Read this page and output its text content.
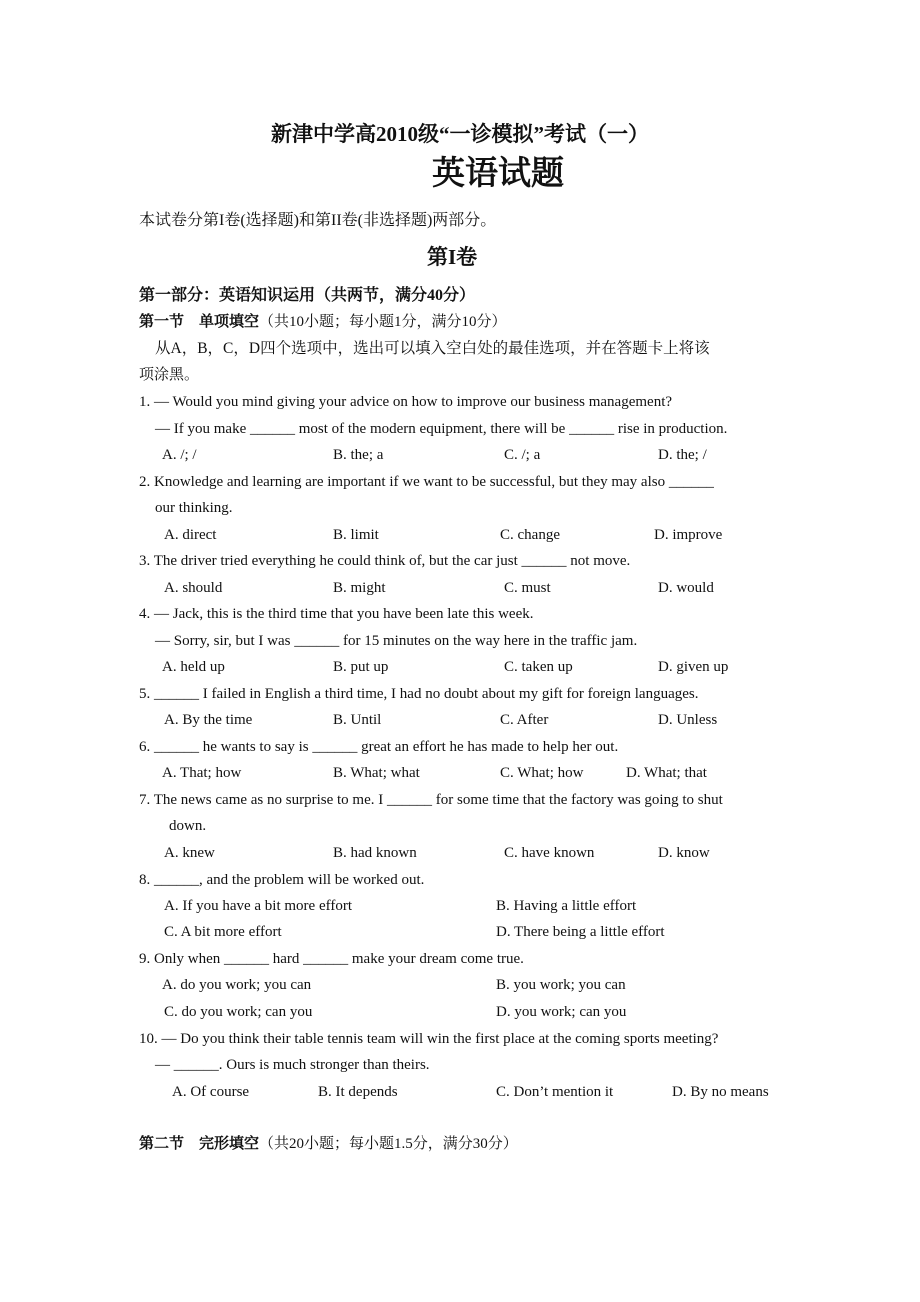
新津中学高2010级“一诊模拟”考试（一）
英语试题
本试卷分第I卷(选择题)和第II卷(非选择题)两部分。
第I卷
第一部分：英语知识运用（共两节，满分40分）
第一节　单项填空（共10小题；每小题1分，满分10分）
从A，B，C，D四个选项中，选出可以填入空白处的最佳选项，并在答题卡上将该
项涂黑。
1. — Would you mind giving your advice on how to improve our business management?
— If you make ______ most of the modern equipment, there will be ______ rise in production.
A. /; /	B. the; a	C. /; a	D. the; /
2. Knowledge and learning are important if we want to be successful, but they may also ______
our thinking.
A. direct	B. limit	C. change	D. improve
3. The driver tried everything he could think of, but the car just ______ not move.
A. should	B. might	C. must	D. would
4. — Jack, this is the third time that you have been late this week.
— Sorry, sir, but I was ______ for 15 minutes on the way here in the traffic jam.
A. held up	B. put up	C. taken up	D. given up
5. ______ I failed in English a third time, I had no doubt about my gift for foreign languages.
A. By the time	B. Until	C. After	D. Unless
6. ______ he wants to say is ______ great an effort he has made to help her out.
A. That; how	B. What; what	C. What; how	D. What; that
7. The news came as no surprise to me. I ______ for some time that the factory was going to shut
down.
A. knew	B. had known	C. have known	D. know
8. ______, and the problem will be worked out.
A. If you have a bit more effort	B. Having a little effort
C. A bit more effort	D. There being a little effort
9. Only when ______ hard ______ make your dream come true.
A. do you work; you can	B. you work; you can
C. do you work; can you	D. you work; can you
10. — Do you think their table tennis team will win the first place at the coming sports meeting?
— ______. Ours is much stronger than theirs.
A. Of course	B. It depends	C. Don’t mention it	D. By no means
第二节　完形填空（共20小题；每小题1.5分，满分30分）
